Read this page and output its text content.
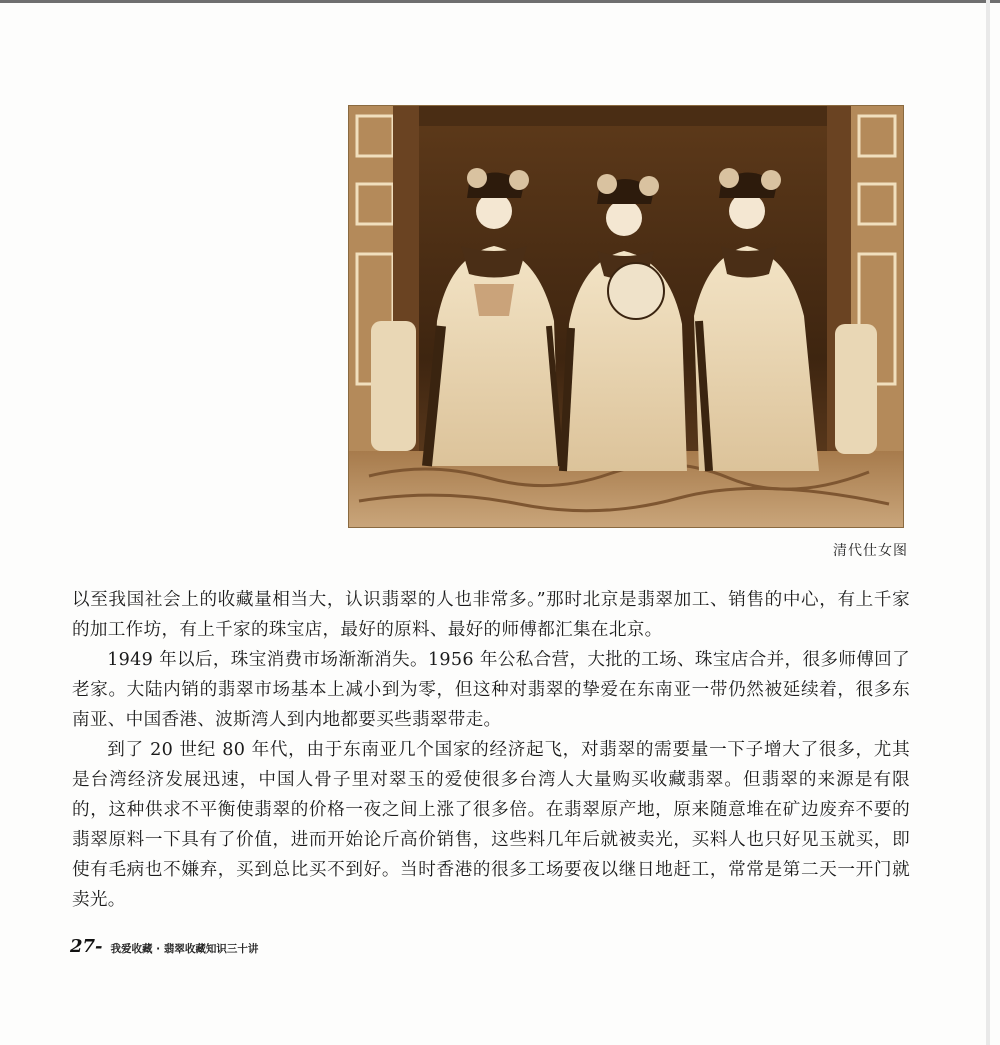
清代仕女图

以至我国社会上的收藏量相当大，认识翡翠的人也非常多。”那时北京是翡翠加工、销售的中心，有上千家的加工作坊，有上千家的珠宝店，最好的原料、最好的师傅都汇集在北京。

1949 年以后，珠宝消费市场渐渐消失。1956 年公私合营，大批的工场、珠宝店合并，很多师傅回了老家。大陆内销的翡翠市场基本上减小到为零，但这种对翡翠的挚爱在东南亚一带仍然被延续着，很多东南亚、中国香港、波斯湾人到内地都要买些翡翠带走。

到了 20 世纪 80 年代，由于东南亚几个国家的经济起飞，对翡翠的需要量一下子增大了很多，尤其是台湾经济发展迅速，中国人骨子里对翠玉的爱使很多台湾人大量购买收藏翡翠。但翡翠的来源是有限的，这种供求不平衡使翡翠的价格一夜之间上涨了很多倍。在翡翠原产地，原来随意堆在矿边废弃不要的翡翠原料一下具有了价值，进而开始论斤高价销售，这些料几年后就被卖光，买料人也只好见玉就买，即使有毛病也不嫌弃，买到总比买不到好。当时香港的很多工场要夜以继日地赶工，常常是第二天一开门就卖光。

27- 我爱收藏 · 翡翠收藏知识三十讲
